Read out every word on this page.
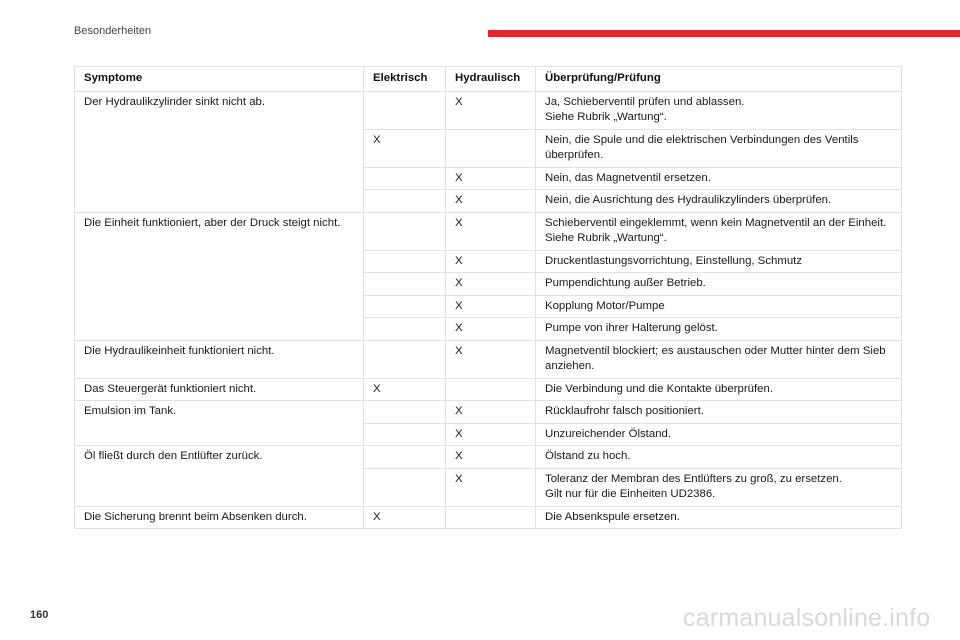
Besonderheiten
Symptome	Elektrisch	Hydraulisch	Überprüfung/Prüfung
Der Hydraulikzylinder sinkt nicht ab.		X	Ja, Schieberventil prüfen und ablassen.
Siehe Rubrik „Wartung“.
	X		Nein, die Spule und die elektrischen Verbindungen des Ventils überprüfen.
		X	Nein, das Magnetventil ersetzen.
		X	Nein, die Ausrichtung des Hydraulikzylinders überprüfen.
Die Einheit funktioniert, aber der Druck steigt nicht.		X	Schieberventil eingeklemmt, wenn kein Magnetventil an der Einheit.
Siehe Rubrik „Wartung“.
		X	Druckentlastungsvorrichtung, Einstellung, Schmutz
		X	Pumpendichtung außer Betrieb.
		X	Kopplung Motor/Pumpe
		X	Pumpe von ihrer Halterung gelöst.
Die Hydraulikeinheit funktioniert nicht.		X	Magnetventil blockiert; es austauschen oder Mutter hinter dem Sieb anziehen.
Das Steuergerät funktioniert nicht.	X		Die Verbindung und die Kontakte überprüfen.
Emulsion im Tank.		X	Rücklaufrohr falsch positioniert.
		X	Unzureichender Ölstand.
Öl fließt durch den Entlüfter zurück.		X	Ölstand zu hoch.
		X	Toleranz der Membran des Entlüfters zu groß, zu ersetzen.
Gilt nur für die Einheiten UD2386.
Die Sicherung brennt beim Absenken durch.	X		Die Absenkspule ersetzen.
160	carmanualsonline.info
